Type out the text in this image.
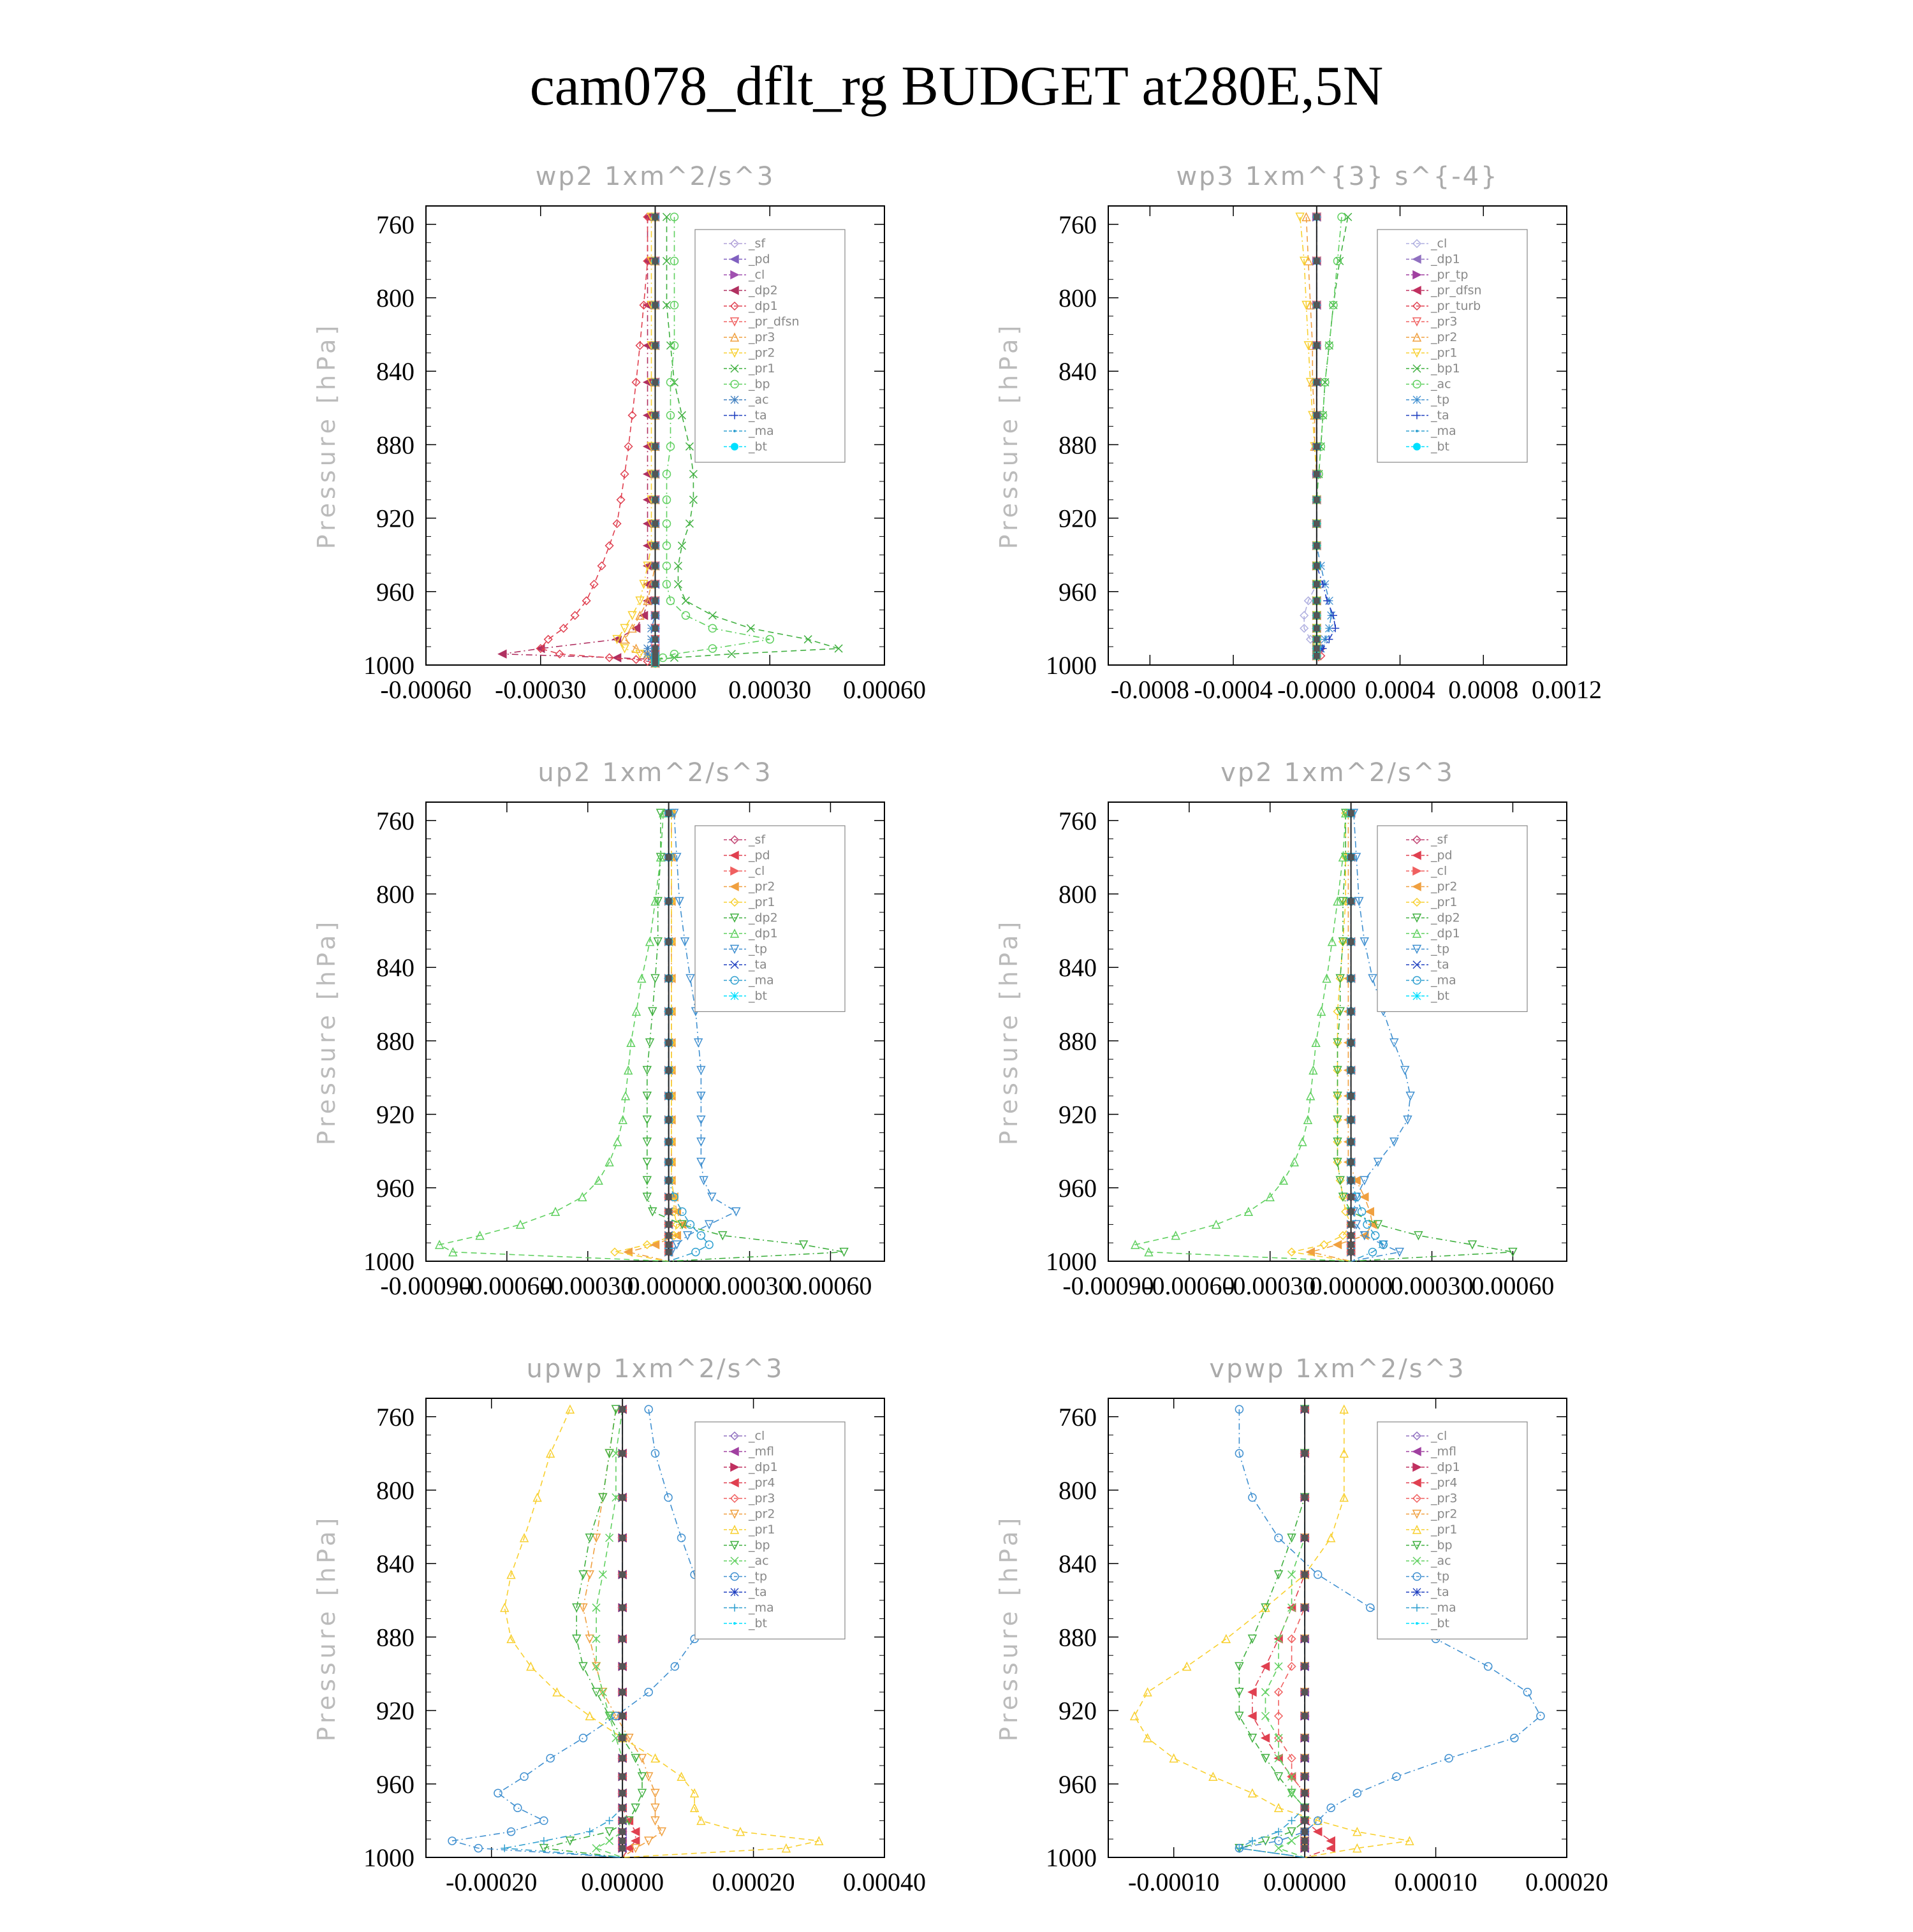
cam078_dflt_rg BUDGET at280E,5N
wp2 1xm^2/s^3
Pressure [hPa]
760
800
840
880
920
960
1000
-0.00060 -0.00030 0.00000 0.00030 0.00060
_sf
_pd
_cl
_dp2
_dp1
_pr_dfsn
_pr3
_pr2
_pr1
_bp
_ac
_ta
_ma
_bt
wp3 1xm^{3} s^{-4}
Pressure [hPa]
760
800
840
880
920
960
1000
-0.0008 -0.0004 -0.0000 0.0004 0.0008 0.0012
_cl
_dp1
_pr_tp
_pr_dfsn
_pr_turb
_pr3
_pr2
_pr1
_bp1
_ac
_tp
_ta
_ma
_bt
up2 1xm^2/s^3
Pressure [hPa]
760
800
840
880
920
960
1000
-0.00090
-0.00060
-0.00030
0.00000
0.00030
0.00060
_sf
_pd
_cl
_pr2
_pr1
_dp2
_dp1
_tp
_ta
_ma
_bt
vp2 1xm^2/s^3
Pressure [hPa]
760
800
840
880
920
960
1000
-0.00090
-0.00060
-0.00030
0.00000
0.00030
0.00060
_sf
_pd
_cl
_pr2
_pr1
_dp2
_dp1
_tp
_ta
_ma
_bt
upwp 1xm^2/s^3
Pressure [hPa]
760
800
840
880
920
960
1000
-0.00020 0.00000 0.00020 0.00040
_cl
_mfl
_dp1
_pr4
_pr3
_pr2
_pr1
_bp
_ac
_tp
_ta
_ma
_bt
vpwp 1xm^2/s^3
Pressure [hPa]
760
800
840
880
920
960
1000
-0.00010 0.00000 0.00010 0.00020
_cl
_mfl
_dp1
_pr4
_pr3
_pr2
_pr1
_bp
_ac
_tp
_ta
_ma
_bt
